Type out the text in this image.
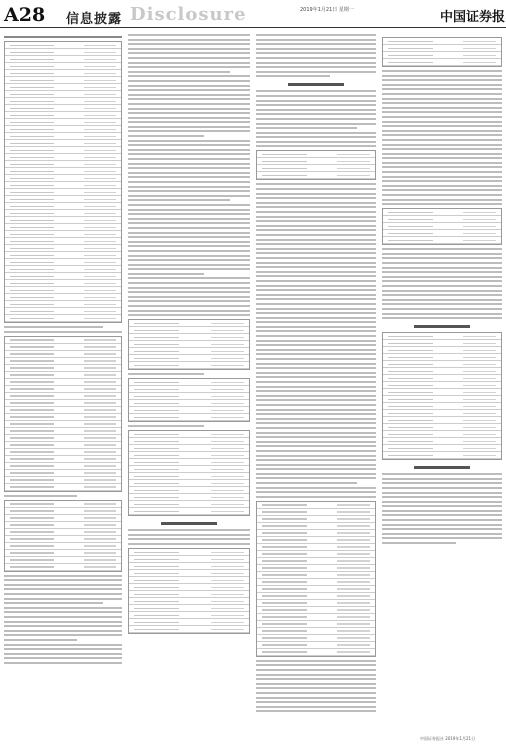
A28 信息披露 Disclosure	2019年1月21日 星期一	中国证券报
中国证券报社 2019年1月21日
